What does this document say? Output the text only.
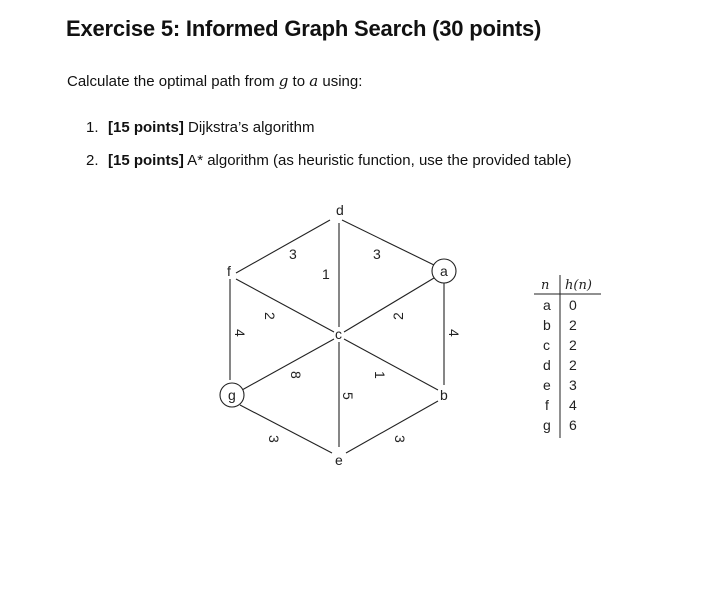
Exercise 5: Informed Graph Search (30 points)
Calculate the optimal path from g to a using:
1. [15 points] Dijkstra’s algorithm
2. [15 points] A* algorithm (as heuristic function, use the provided table)
d
a
f
c
g	b
e
3	3
1
2	2
4	4
8	1
5
3	3
n h(n)
a 0
b 2
c 2
d 2
e 3
f 4
g 6
